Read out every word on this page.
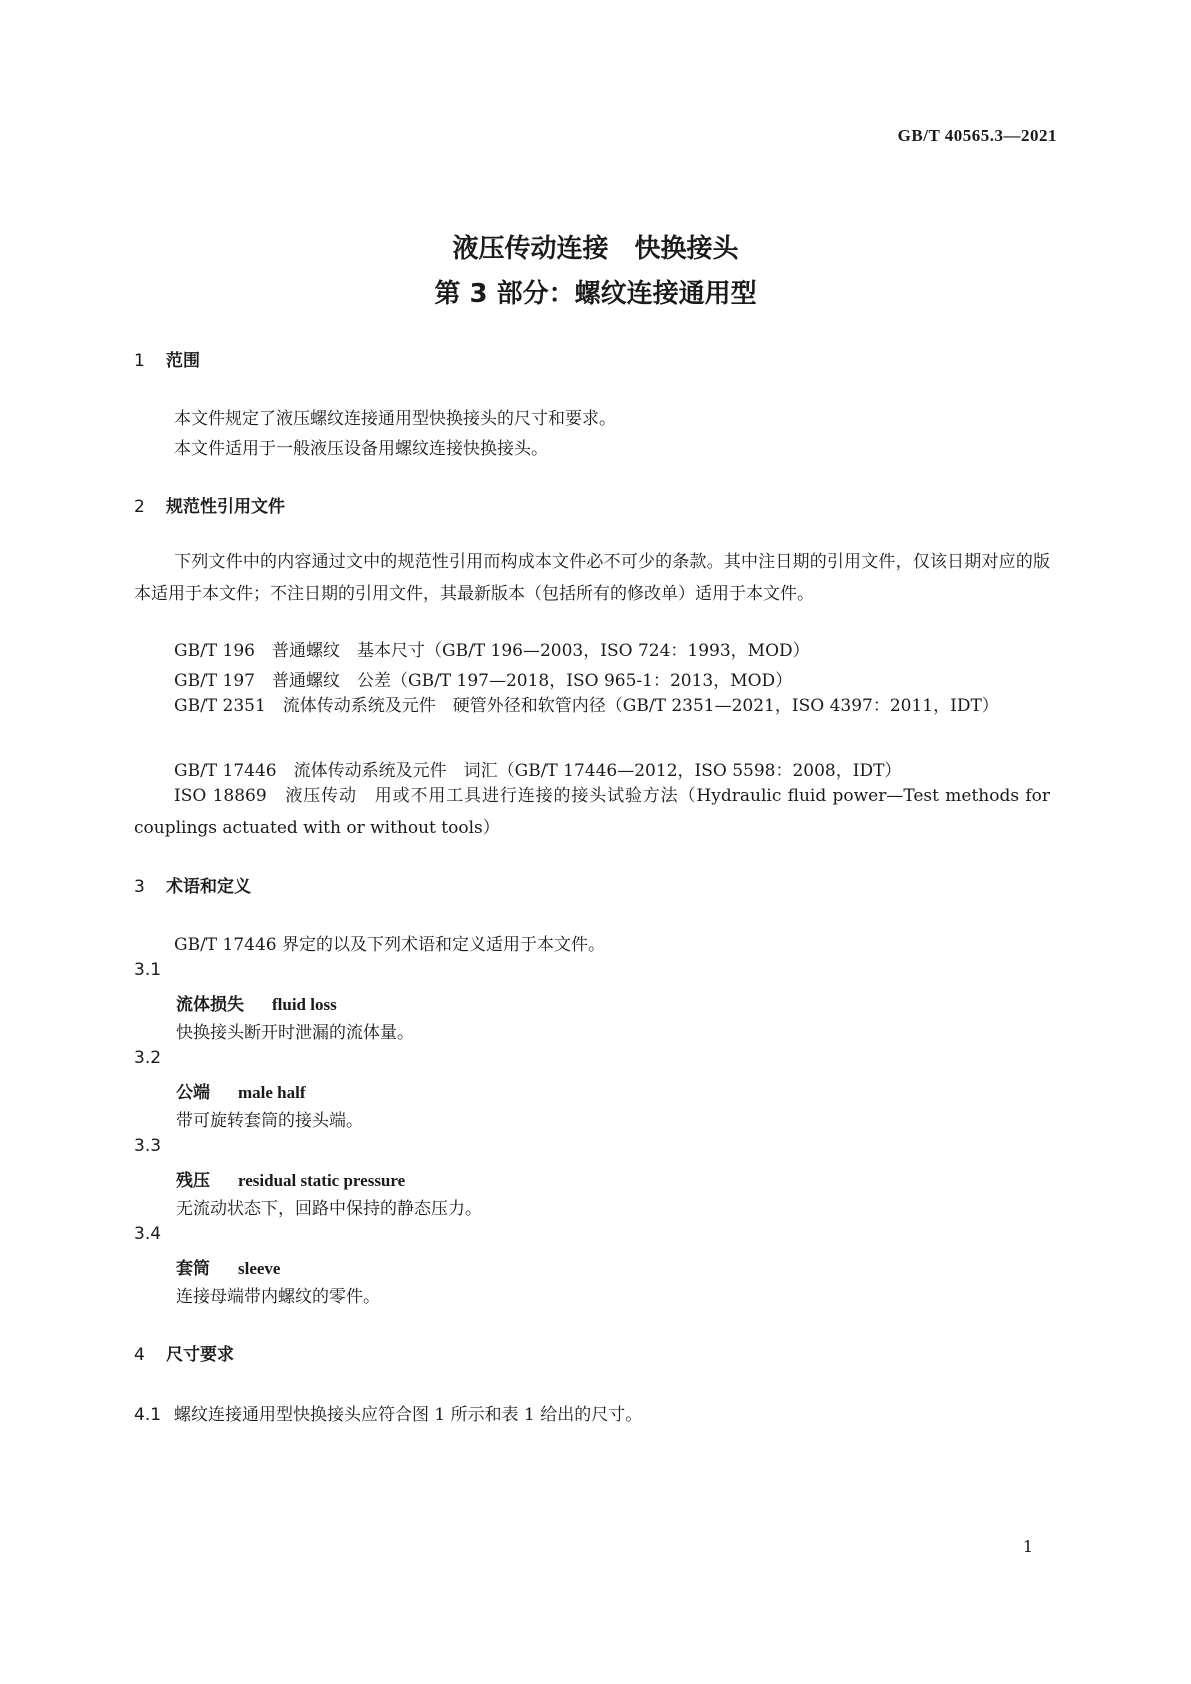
GB/T 40565.3—2021
液压传动连接　快换接头
第 3 部分：螺纹连接通用型
1 范围
本文件规定了液压螺纹连接通用型快换接头的尺寸和要求。
本文件适用于一般液压设备用螺纹连接快换接头。
2 规范性引用文件
下列文件中的内容通过文中的规范性引用而构成本文件必不可少的条款。其中注日期的引用文件，仅该日期对应的版本适用于本文件；不注日期的引用文件，其最新版本（包括所有的修改单）适用于本文件。
GB/T 196　普通螺纹　基本尺寸（GB/T 196—2003，ISO 724：1993，MOD）
GB/T 197　普通螺纹　公差（GB/T 197—2018，ISO 965-1：2013，MOD）
GB/T 2351　流体传动系统及元件　硬管外径和软管内径（GB/T 2351—2021，ISO 4397：2011，IDT）
GB/T 17446　流体传动系统及元件　词汇（GB/T 17446—2012，ISO 5598：2008，IDT）
ISO 18869　液压传动　用或不用工具进行连接的接头试验方法（Hydraulic fluid power—Test methods for couplings actuated with or without tools）
3 术语和定义
GB/T 17446 界定的以及下列术语和定义适用于本文件。
3.1
流体损失 fluid loss
快换接头断开时泄漏的流体量。
3.2
公端 male half
带可旋转套筒的接头端。
3.3
残压 residual static pressure
无流动状态下，回路中保持的静态压力。
3.4
套筒 sleeve
连接母端带内螺纹的零件。
4 尺寸要求
4.1 螺纹连接通用型快换接头应符合图 1 所示和表 1 给出的尺寸。
1
